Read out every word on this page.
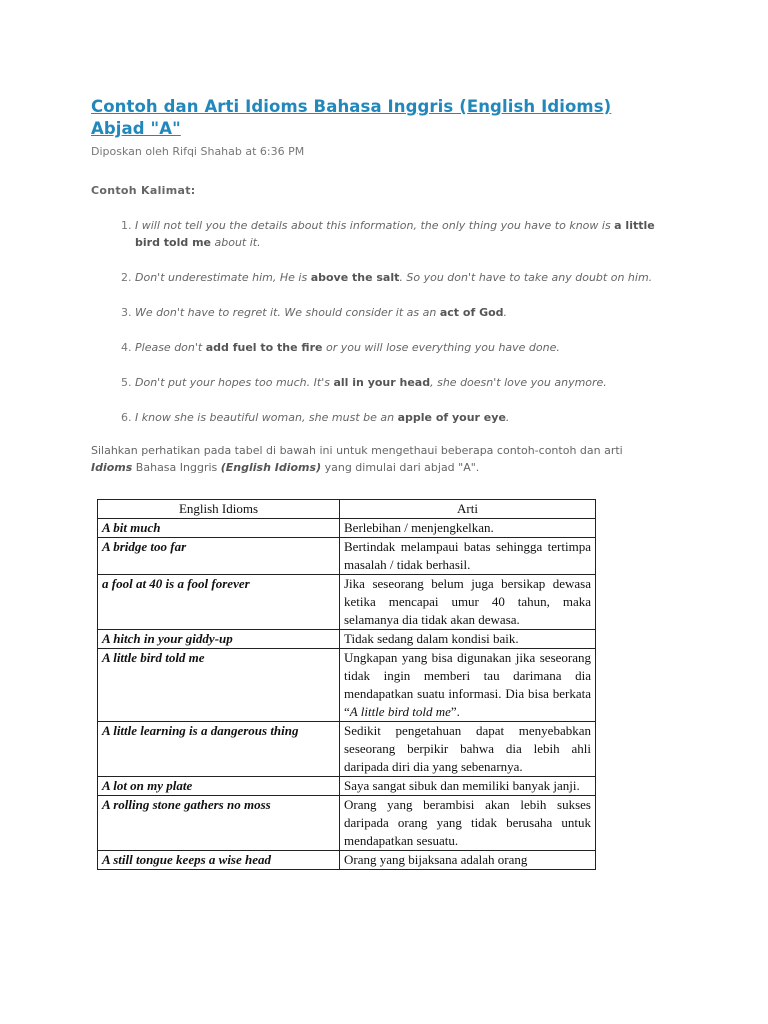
Contoh dan Arti Idioms Bahasa Inggris (English Idioms) Abjad "A"
Diposkan oleh Rifqi Shahab at 6:36 PM
Contoh Kalimat:
1. I will not tell you the details about this information, the only thing you have to know is a little bird told me about it.
2. Don't underestimate him, He is above the salt. So you don't have to take any doubt on him.
3. We don't have to regret it. We should consider it as an act of God.
4. Please don't add fuel to the fire or you will lose everything you have done.
5. Don't put your hopes too much. It's all in your head, she doesn't love you anymore.
6. I know she is beautiful woman, she must be an apple of your eye.
Silahkan perhatikan pada tabel di bawah ini untuk mengethaui beberapa contoh-contoh dan arti Idioms Bahasa Inggris (English Idioms) yang dimulai dari abjad "A".
English Idioms	Arti
A bit much	Berlebihan / menjengkelkan.
A bridge too far	Bertindak melampaui batas sehingga tertimpa masalah / tidak berhasil.
a fool at 40 is a fool forever	Jika seseorang belum juga bersikap dewasa ketika mencapai umur 40 tahun, maka selamanya dia tidak akan dewasa.
A hitch in your giddy-up	Tidak sedang dalam kondisi baik.
A little bird told me	Ungkapan yang bisa digunakan jika seseorang tidak ingin memberi tau darimana dia mendapatkan suatu informasi. Dia bisa berkata “A little bird told me”.
A little learning is a dangerous thing	Sedikit pengetahuan dapat menyebabkan seseorang berpikir bahwa dia lebih ahli daripada diri dia yang sebenarnya.
A lot on my plate	Saya sangat sibuk dan memiliki banyak janji.
A rolling stone gathers no moss	Orang yang berambisi akan lebih sukses daripada orang yang tidak berusaha untuk mendapatkan sesuatu.
A still tongue keeps a wise head	Orang yang bijaksana adalah orang
